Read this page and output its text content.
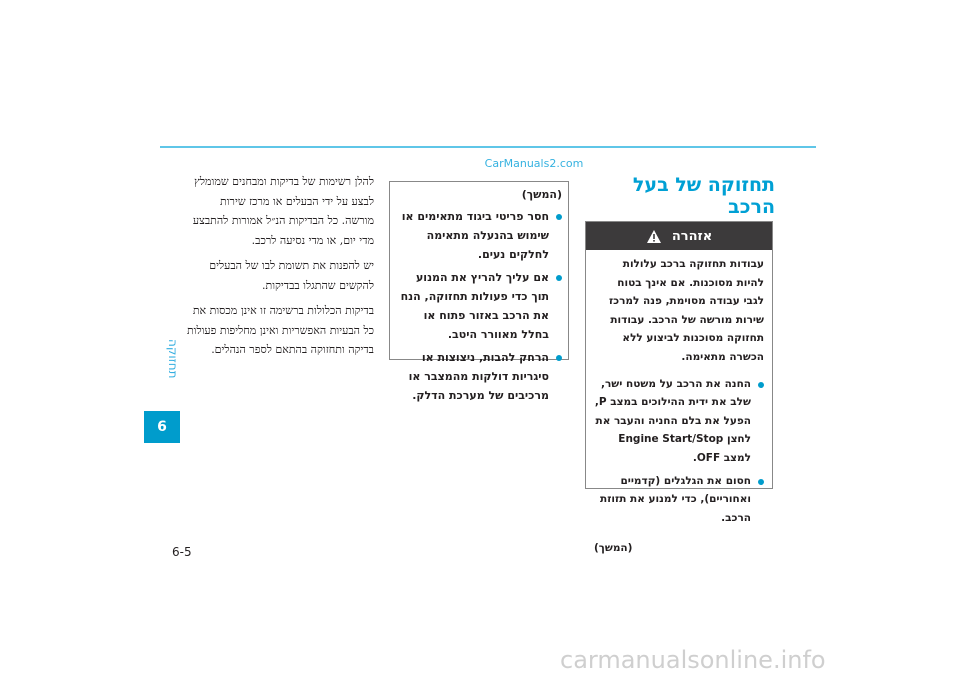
CarManuals2.com
תחזוקה
6
6-5

להלן רשימות של בדיקות ומבחנים שמומלץ לבצע על ידי הבעלים או מרכז שירות מורשה. כל הבדיקות הנ״ל אמורות להתבצע מדי יום, או מדי נסיעה לרכב.

יש להפנות את תשומת לבו של הבעלים להקשים שהתגלו בבדיקות.

בדיקות הכלולות ברשימה זו אינן מכסות את כל הבעיות האפשריות ואינן מחליפות פעולות בדיקה ותחזוקה בהתאם לספר הנהלים.

(המשך)
חסר פריטי ביגוד מתאימים או שימוש בהנעלה מתאימה לחלקים נעים.
אם עליך להריץ את המנוע תוך כדי פעולות תחזוקה, הנח את הרכב באזור פתוח או בחלל מאוורר היטב.
הרחק להבות, ניצוצות או סיגריות דולקות מהמצבר או מרכיבים של מערכת הדלק.
תחזוקה של בעל הרכב
אזהרה
עבודות תחזוקה ברכב עלולות להיות מסוכנות. אם אינך בטוח לגבי עבודה מסוימת, פנה למרכז שירות מורשה של הרכב. עבודות תחזוקה מסוכנות לביצוע ללא הכשרה מתאימה.
החנה את הרכב על משטח ישר, שלב את ידית ההילוכים במצב P, הפעל את בלם החניה והעבר את לחצן Engine Start/Stop למצב OFF.
חסום את הגלגלים (קדמיים ואחוריים), כדי למנוע את תזוזת הרכב.
(המשך)
carmanualsonline.info
